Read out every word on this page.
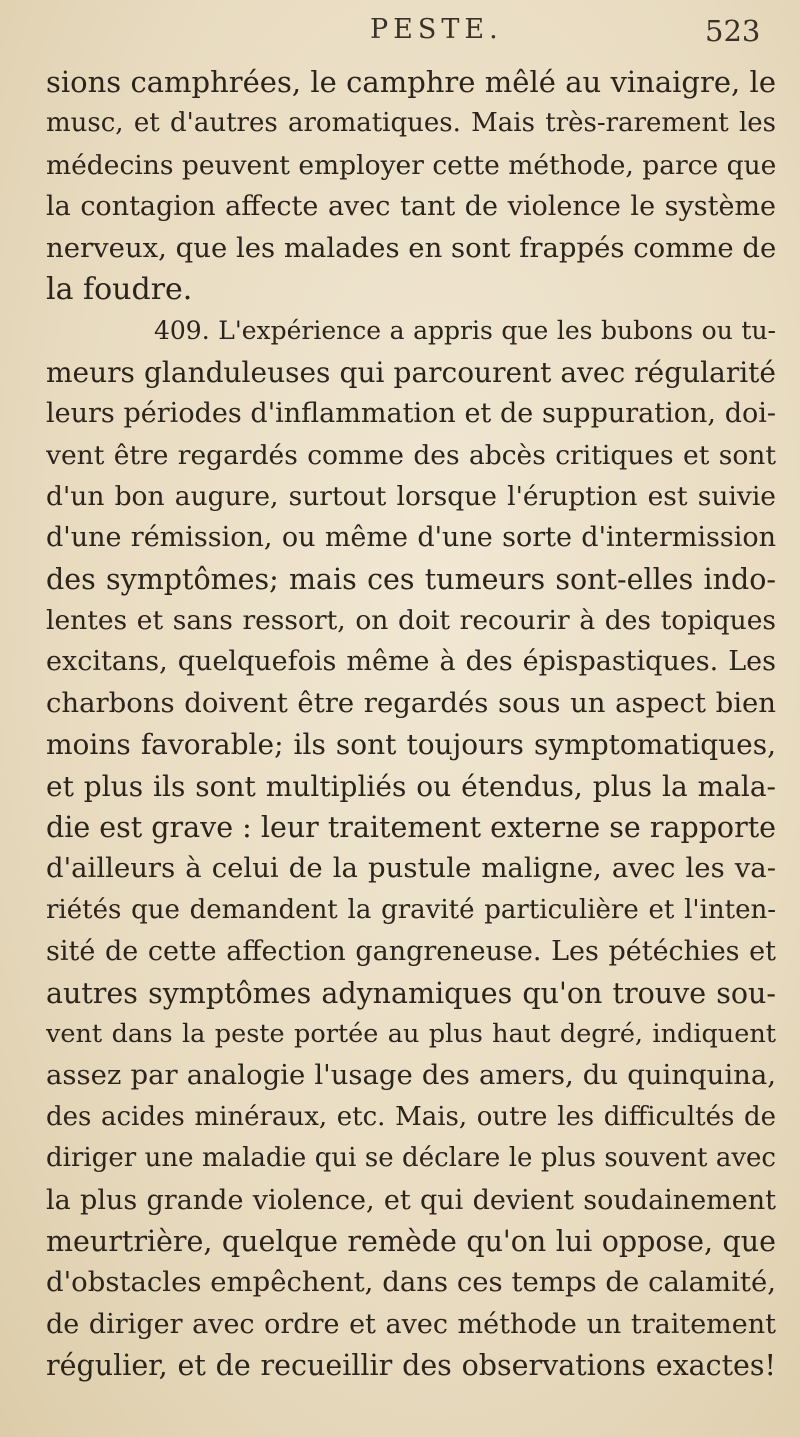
PESTE.	523
sions camphrées, le camphre mêlé au vinaigre, le
musc, et d'autres aromatiques. Mais très-rarement les
médecins peuvent employer cette méthode, parce que
la contagion affecte avec tant de violence le système
nerveux, que les malades en sont frappés comme de
la foudre.
409. L'expérience a appris que les bubons ou tu-
meurs glanduleuses qui parcourent avec régularité
leurs périodes d'inflammation et de suppuration, doi-
vent être regardés comme des abcès critiques et sont
d'un bon augure, surtout lorsque l'éruption est suivie
d'une rémission, ou même d'une sorte d'intermission
des symptômes; mais ces tumeurs sont-elles indo-
lentes et sans ressort, on doit recourir à des topiques
excitans, quelquefois même à des épispastiques. Les
charbons doivent être regardés sous un aspect bien
moins favorable; ils sont toujours symptomatiques,
et plus ils sont multipliés ou étendus, plus la mala-
die est grave : leur traitement externe se rapporte
d'ailleurs à celui de la pustule maligne, avec les va-
riétés que demandent la gravité particulière et l'inten-
sité de cette affection gangreneuse. Les pétéchies et
autres symptômes adynamiques qu'on trouve sou-
vent dans la peste portée au plus haut degré, indiquent
assez par analogie l'usage des amers, du quinquina,
des acides minéraux, etc. Mais, outre les difficultés de
diriger une maladie qui se déclare le plus souvent avec
la plus grande violence, et qui devient soudainement
meurtrière, quelque remède qu'on lui oppose, que
d'obstacles empêchent, dans ces temps de calamité,
de diriger avec ordre et avec méthode un traitement
régulier, et de recueillir des observations exactes!
